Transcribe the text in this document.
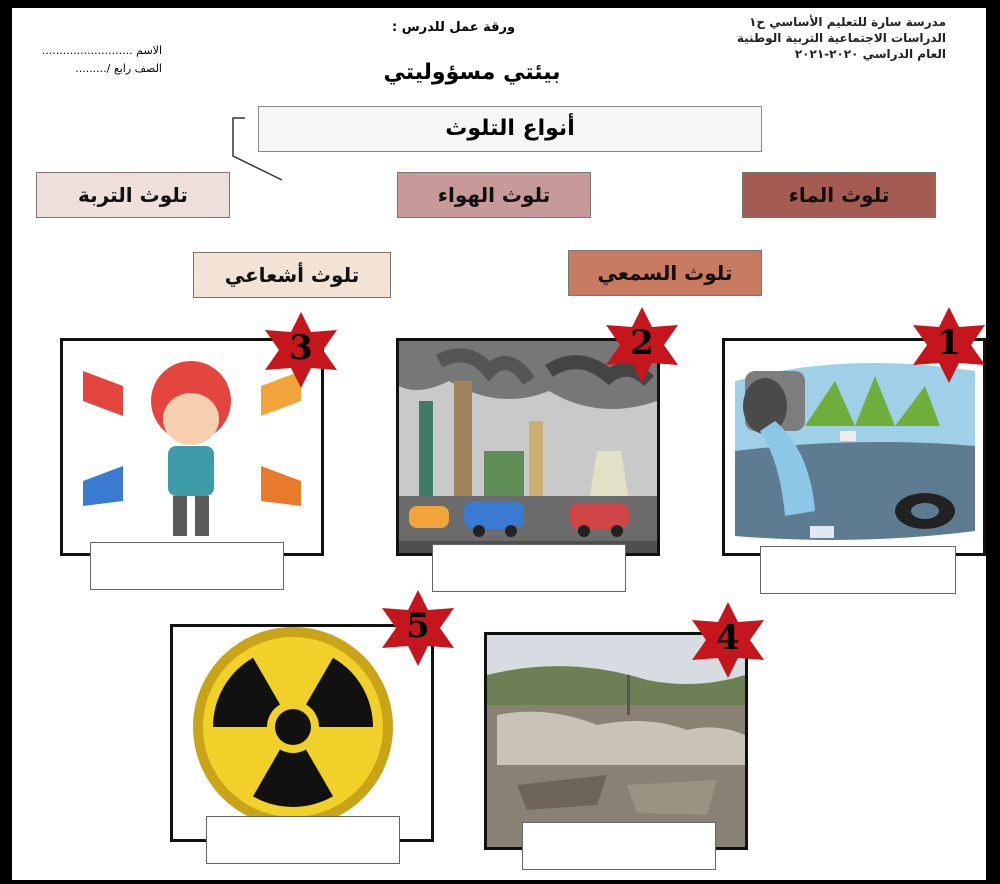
مدرسة سارة للتعليم الأساسي ح١
الدراسات الاجتماعية التربية الوطنية
العام الدراسي ٢٠٢٠-٢٠٢١
ورقة عمل للدرس :
بيئتي مسؤوليتي
الاسم ..........................
الصف رابع /.........
أنواع التلوث
تلوث الماء
تلوث الهواء
تلوث التربة
تلوث السمعي
تلوث أشعاعي
1
2
3
4
5
